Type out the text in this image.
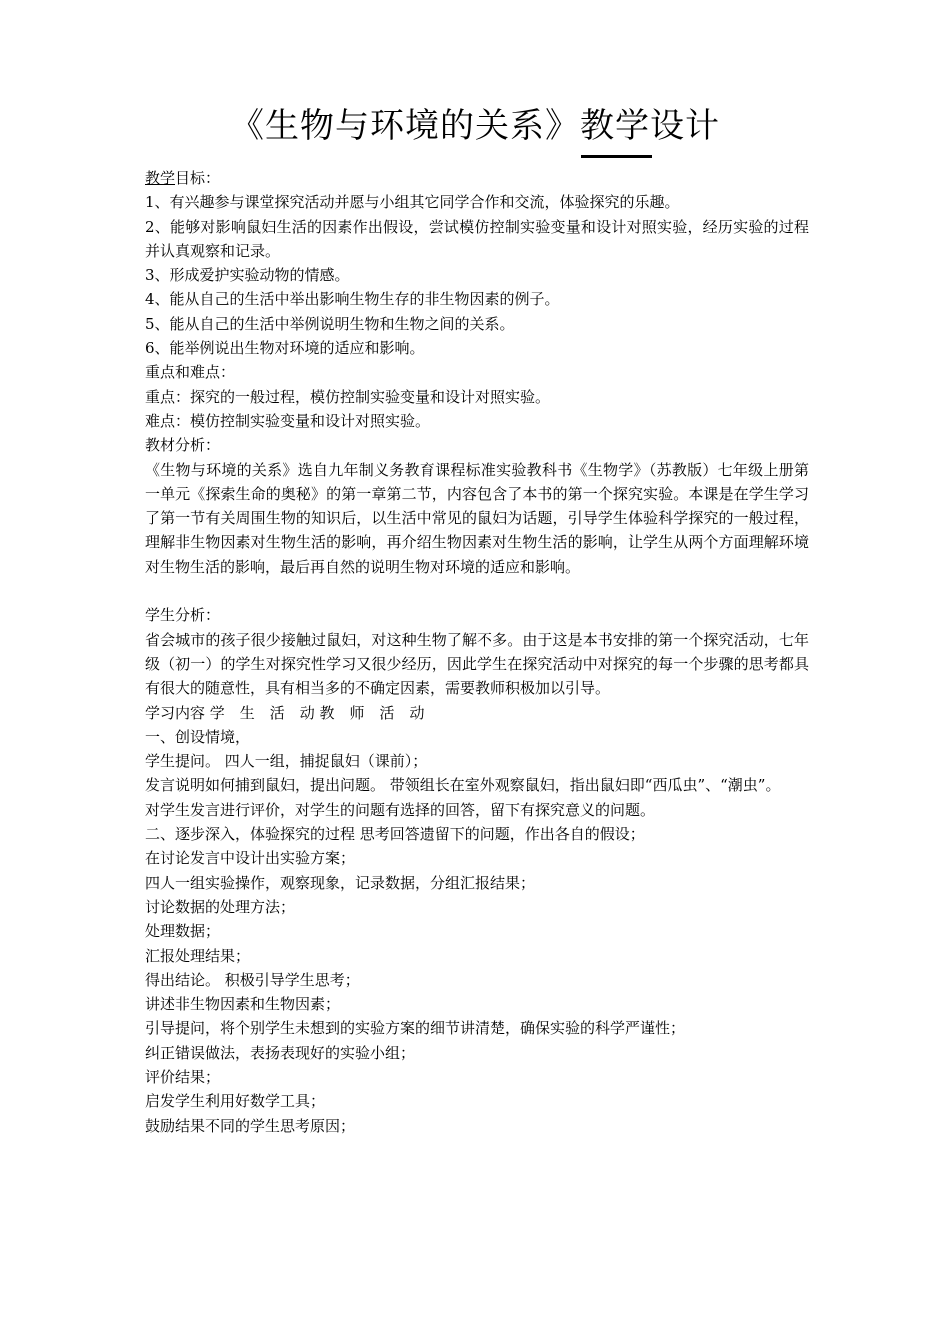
《生物与环境的关系》教学设计
教学目标：
1、有兴趣参与课堂探究活动并愿与小组其它同学合作和交流，体验探究的乐趣。
2、能够对影响鼠妇生活的因素作出假设，尝试模仿控制实验变量和设计对照实验，经历实验的过程并认真观察和记录。
3、形成爱护实验动物的情感。
4、能从自己的生活中举出影响生物生存的非生物因素的例子。
5、能从自己的生活中举例说明生物和生物之间的关系。
6、能举例说出生物对环境的适应和影响。
重点和难点：
重点：探究的一般过程，模仿控制实验变量和设计对照实验。
难点：模仿控制实验变量和设计对照实验。
教材分析：
《生物与环境的关系》选自九年制义务教育课程标准实验教科书《生物学》（苏教版）七年级上册第一单元《探索生命的奥秘》的第一章第二节，内容包含了本书的第一个探究实验。本课是在学生学习了第一节有关周围生物的知识后，以生活中常见的鼠妇为话题，引导学生体验科学探究的一般过程，理解非生物因素对生物生活的影响，再介绍生物因素对生物生活的影响，让学生从两个方面理解环境对生物生活的影响，最后再自然的说明生物对环境的适应和影响。
学生分析：
省会城市的孩子很少接触过鼠妇，对这种生物了解不多。由于这是本书安排的第一个探究活动，七年级（初一）的学生对探究性学习又很少经历，因此学生在探究活动中对探究的每一个步骤的思考都具有很大的随意性，具有相当多的不确定因素，需要教师积极加以引导。
学习内容 学　生　活　动 教　师　活　动
一、创设情境，
学生提问。 四人一组，捕捉鼠妇（课前）；
发言说明如何捕到鼠妇，提出问题。 带领组长在室外观察鼠妇，指出鼠妇即“西瓜虫”、“潮虫”。
对学生发言进行评价，对学生的问题有选择的回答，留下有探究意义的问题。
二、逐步深入，体验探究的过程 思考回答遗留下的问题，作出各自的假设；
在讨论发言中设计出实验方案；
四人一组实验操作，观察现象，记录数据，分组汇报结果；
讨论数据的处理方法；
处理数据；
汇报处理结果；
得出结论。 积极引导学生思考；
讲述非生物因素和生物因素；
引导提问，将个别学生未想到的实验方案的细节讲清楚，确保实验的科学严谨性；
纠正错误做法，表扬表现好的实验小组；
评价结果；
启发学生利用好数学工具；
鼓励结果不同的学生思考原因；
